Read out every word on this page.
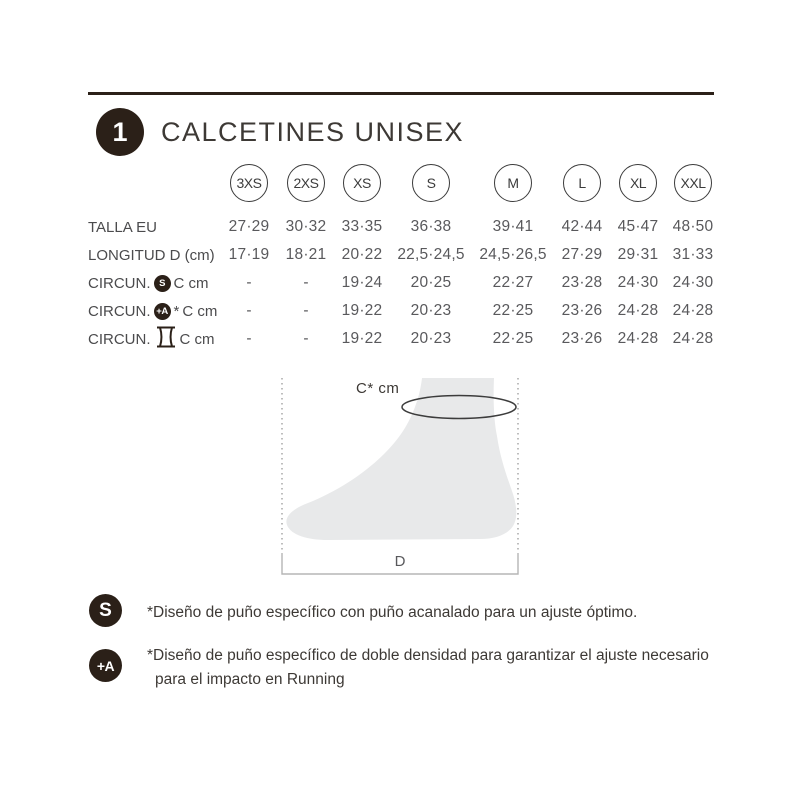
1 CALCETINES UNISEX
3XS	2XS	XS	S	M	L	XL	XXL
TALLA EU	27·29	30·32 33·35	36·38	39·41	42·44 45·47 48·50
LONGITUD D (cm) 17·19	18·21 20·22 22,5·24,5 24,5·26,5 27·29 29·31 31·33
CIRCUN. S C cm	-	-	19·24	20·25	22·27	23·28 24·30 24·30
CIRCUN. +A * C cm	-	-	19·22	20·23	22·25	23·26 24·28 24·28
CIRCUN. C cm	-	-	19·22	20·23	22·25	23·26 24·28 24·28
C* cm
D
S *Diseño de puño específico con puño acanalado para un ajuste óptimo.
+A
*Diseño de puño específico de doble densidad para garantizar el ajuste necesario
para el impacto en Running
